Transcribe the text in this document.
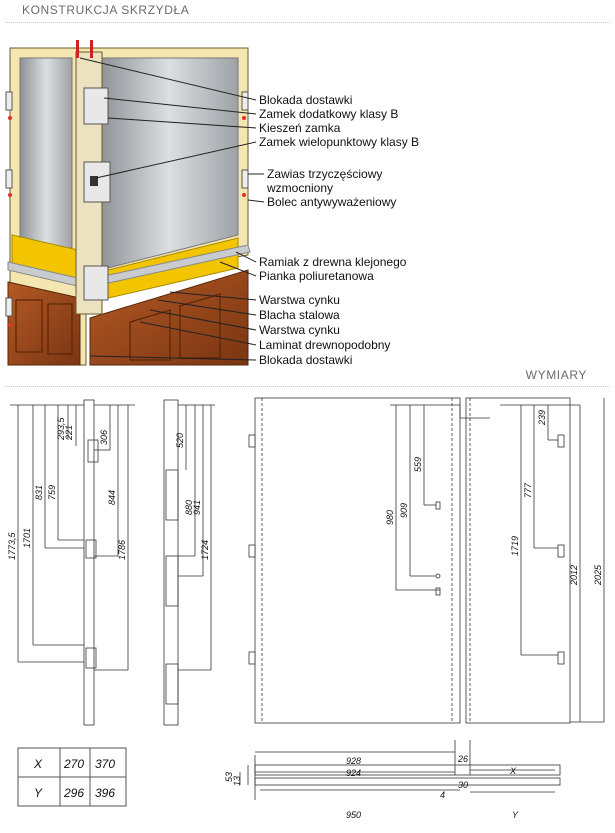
KONSTRUKCJA SKRZYDŁA
WYMIARY
Blokada dostawki
Zamek dodatkowy klasy B
Kieszeń zamka
Zamek wielopunktowy klasy B
Zawias trzyczęściowy
wzmocniony
Bolec antywyważeniowy
Ramiak z drewna klejonego
Pianka poliuretanowa
Warstwa cynku
Blacha stalowa
Warstwa cynku
Laminat drewnopodobny
Blokada dostawki
293,5
221	306
831 759	844
1773,5 1701
1786
520
880
941
1724
559
980 909
239
777
1719
2012 2025
928
924
26
X
30
4
950	Y
53
13
X 270 370
Y 296 396
